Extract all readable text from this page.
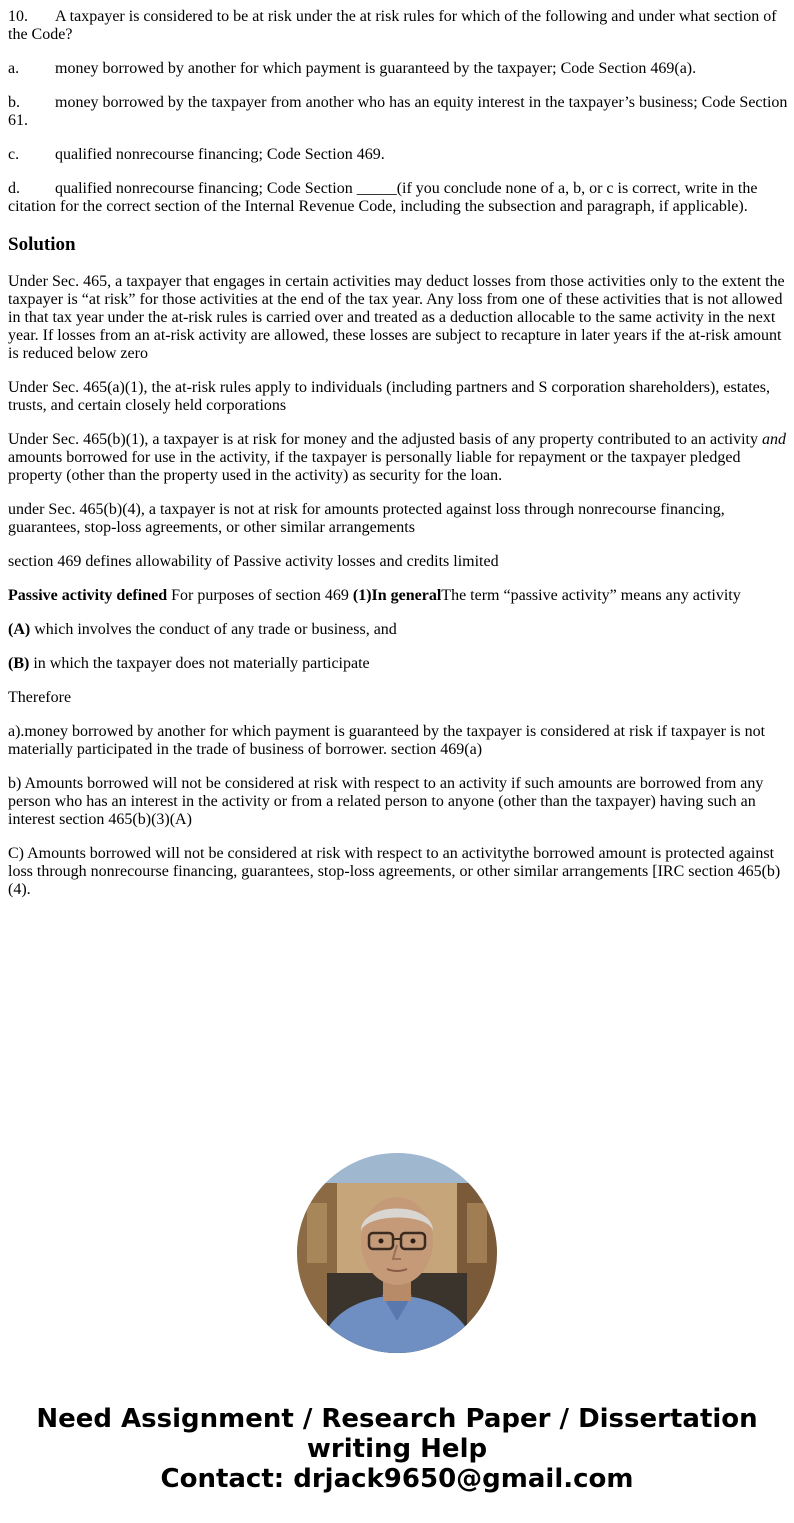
10. A taxpayer is considered to be at risk under the at risk rules for which of the following and under what section of the Code?

a. money borrowed by another for which payment is guaranteed by the taxpayer; Code Section 469(a).

b. money borrowed by the taxpayer from another who has an equity interest in the taxpayer’s business; Code Section 61.

c. qualified nonrecourse financing; Code Section 469.

d. qualified nonrecourse financing; Code Section _____(if you conclude none of a, b, or c is correct, write in the citation for the correct section of the Internal Revenue Code, including the subsection and paragraph, if applicable).

Solution

Under Sec. 465, a taxpayer that engages in certain activities may deduct losses from those activities only to the extent the taxpayer is “at risk” for those activities at the end of the tax year. Any loss from one of these activities that is not allowed in that tax year under the at-risk rules is carried over and treated as a deduction allocable to the same activity in the next year. If losses from an at-risk activity are allowed, these losses are subject to recapture in later years if the at-risk amount is reduced below zero

Under Sec. 465(a)(1), the at-risk rules apply to individuals (including partners and S corporation shareholders), estates, trusts, and certain closely held corporations

Under Sec. 465(b)(1), a taxpayer is at risk for money and the adjusted basis of any property contributed to an activity and amounts borrowed for use in the activity, if the taxpayer is personally liable for repayment or the taxpayer pledged property (other than the property used in the activity) as security for the loan.

under Sec. 465(b)(4), a taxpayer is not at risk for amounts protected against loss through nonrecourse financing, guarantees, stop-loss agreements, or other similar arrangements

section 469 defines allowability of Passive activity losses and credits limited

Passive activity defined For purposes of section 469 (1)In generalThe term “passive activity” means any activity

(A) which involves the conduct of any trade or business, and

(B) in which the taxpayer does not materially participate

Therefore

a).money borrowed by another for which payment is guaranteed by the taxpayer is considered at risk if taxpayer is not materially participated in the trade of business of borrower. section 469(a)

b) Amounts borrowed will not be considered at risk with respect to an activity if such amounts are borrowed from any person who has an interest in the activity or from a related person to anyone (other than the taxpayer) having such an interest section 465(b)(3)(A)

C) Amounts borrowed will not be considered at risk with respect to an activitythe borrowed amount is protected against loss through nonrecourse financing, guarantees, stop-loss agreements, or other similar arrangements [IRC section 465(b)(4).

Need Assignment / Research Paper / Dissertation
writing Help
Contact: drjack9650@gmail.com
